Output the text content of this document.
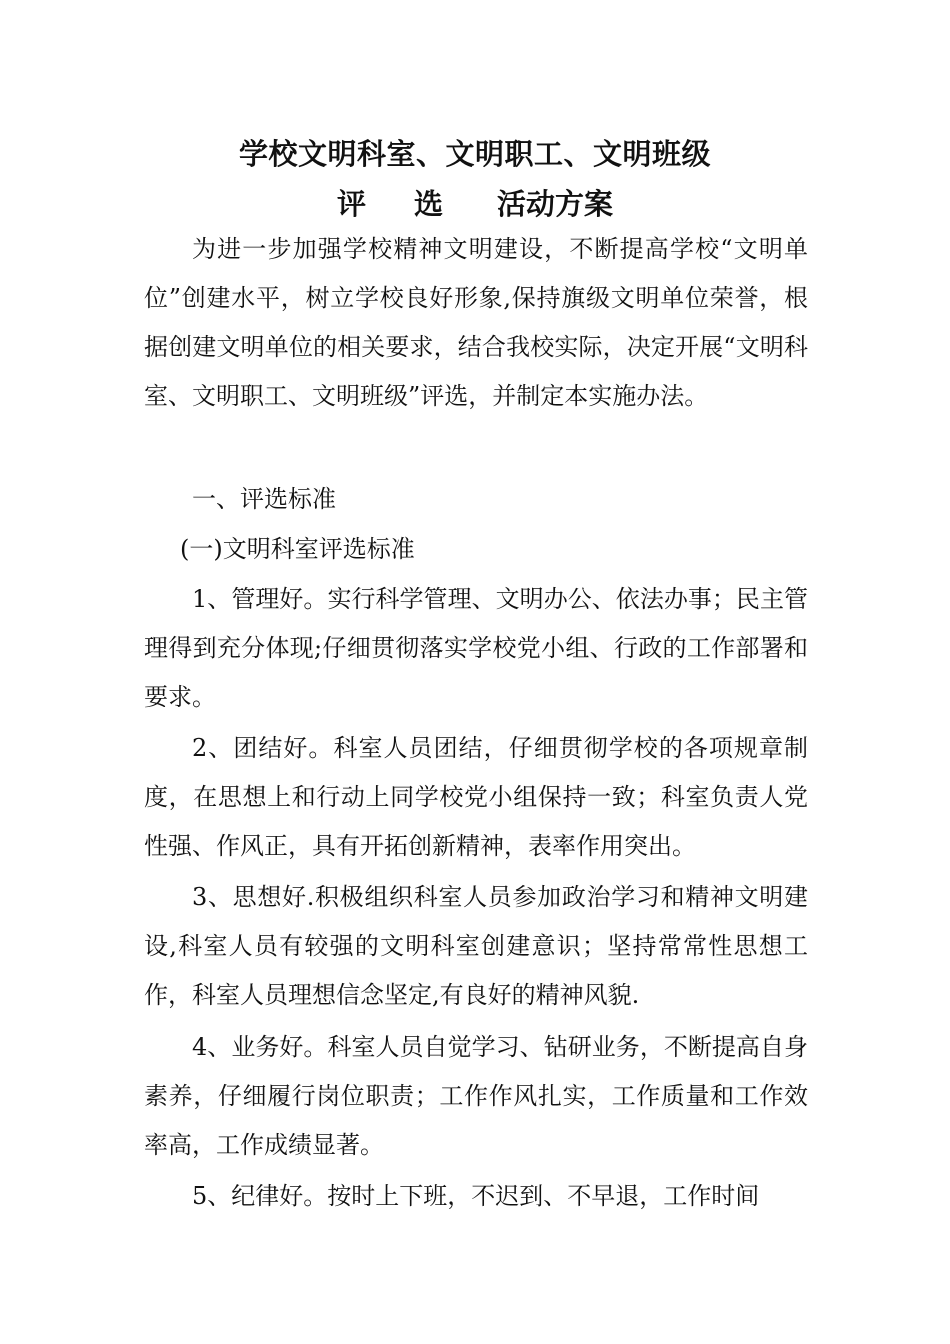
学校文明科室、文明职工、文明班级
评 选 活动方案

为进一步加强学校精神文明建设，不断提高学校“文明单位”创建水平，树立学校良好形象,保持旗级文明单位荣誉，根据创建文明单位的相关要求，结合我校实际，决定开展“文明科室、文明职工、文明班级”评选，并制定本实施办法。

一、评选标准
(一)文明科室评选标准

1、管理好。实行科学管理、文明办公、依法办事；民主管理得到充分体现;仔细贯彻落实学校党小组、行政的工作部署和要求。

2、团结好。科室人员团结，仔细贯彻学校的各项规章制度，在思想上和行动上同学校党小组保持一致；科室负责人党性强、作风正，具有开拓创新精神，表率作用突出。

3、思想好.积极组织科室人员参加政治学习和精神文明建设,科室人员有较强的文明科室创建意识；坚持常常性思想工作，科室人员理想信念坚定,有良好的精神风貌.

4、业务好。科室人员自觉学习、钻研业务，不断提高自身素养，仔细履行岗位职责；工作作风扎实，工作质量和工作效率高，工作成绩显著。

5、纪律好。按时上下班，不迟到、不早退，工作时间
